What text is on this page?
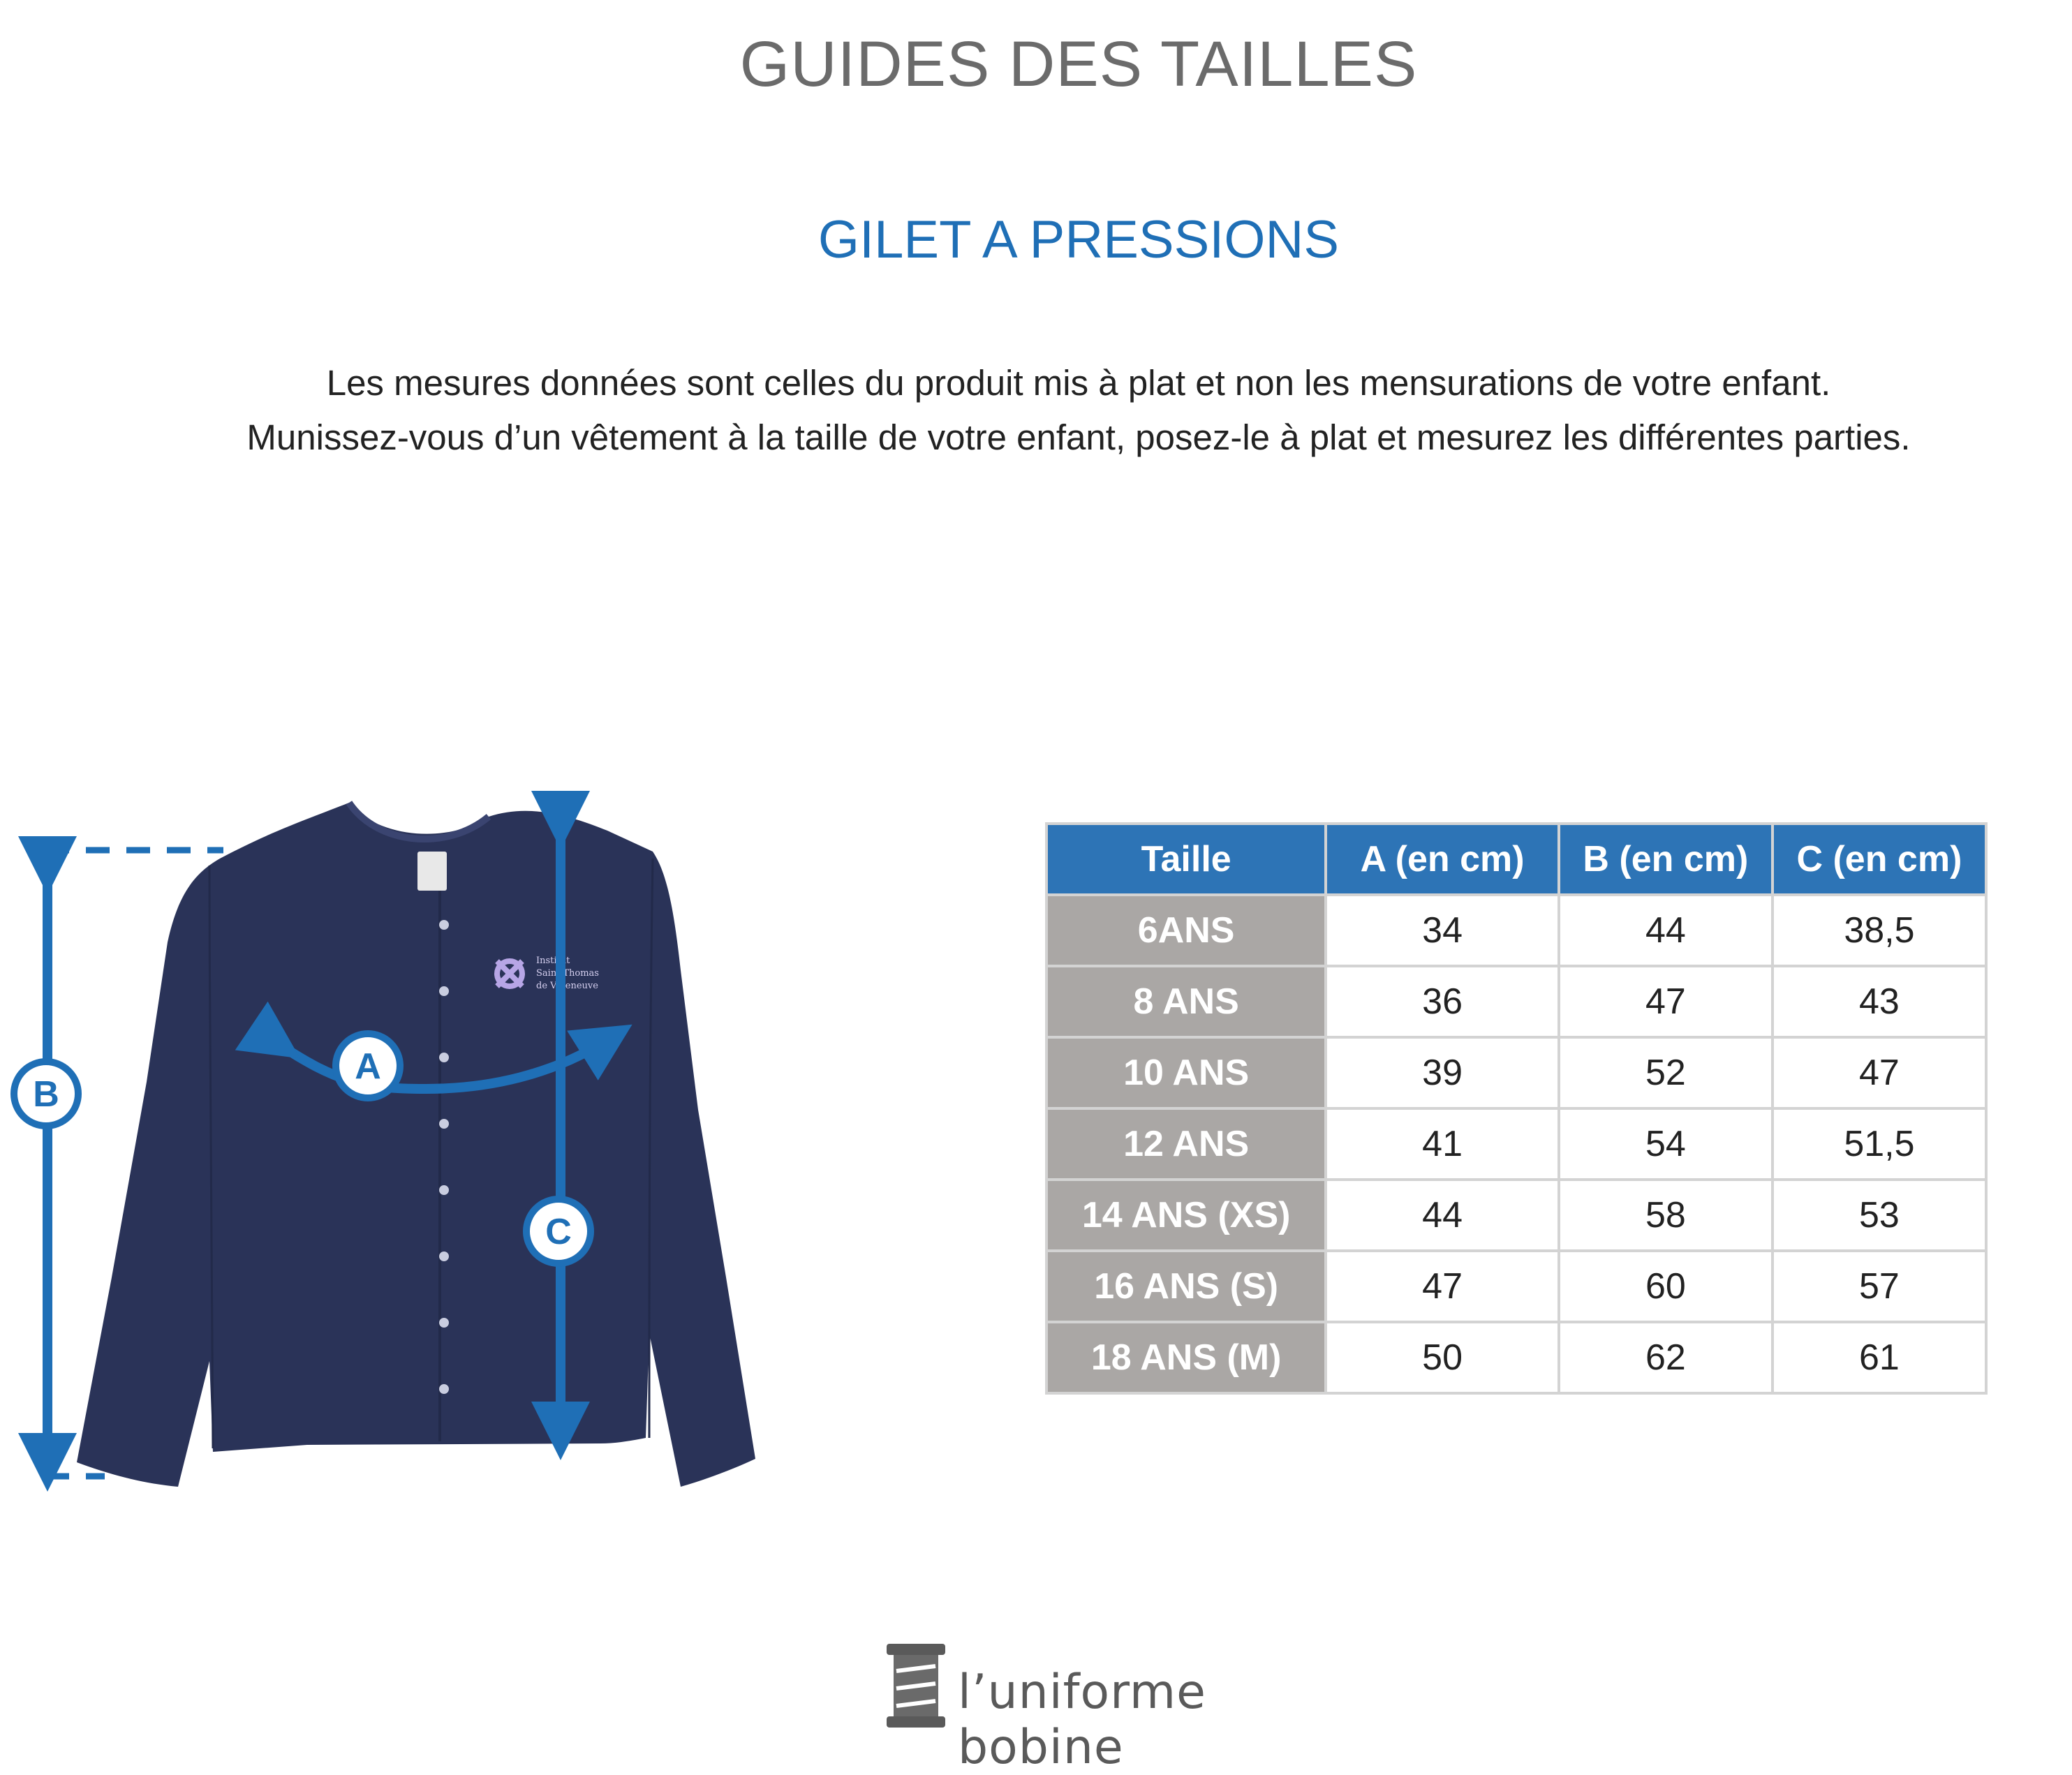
GUIDES DES TAILLES
GILET A PRESSIONS

Les mesures données sont celles du produit mis à plat et non les mensurations de votre enfant.

Munissez-vous d’un vêtement à la taille de votre enfant, posez-le à plat et mesurez les différentes parties.

Institut
Saint-Thomas
de Villeneuve
B
C
A
Taille	A (en cm)	B (en cm)	C (en cm)
6ANS	34	44	38,5
8 ANS	36	47	43
10 ANS	39	52	47
12 ANS	41	54	51,5
14 ANS (XS)	44	58	53
16 ANS (S)	47	60	57
18 ANS (M)	50	62	61
l’uniforme bobine
